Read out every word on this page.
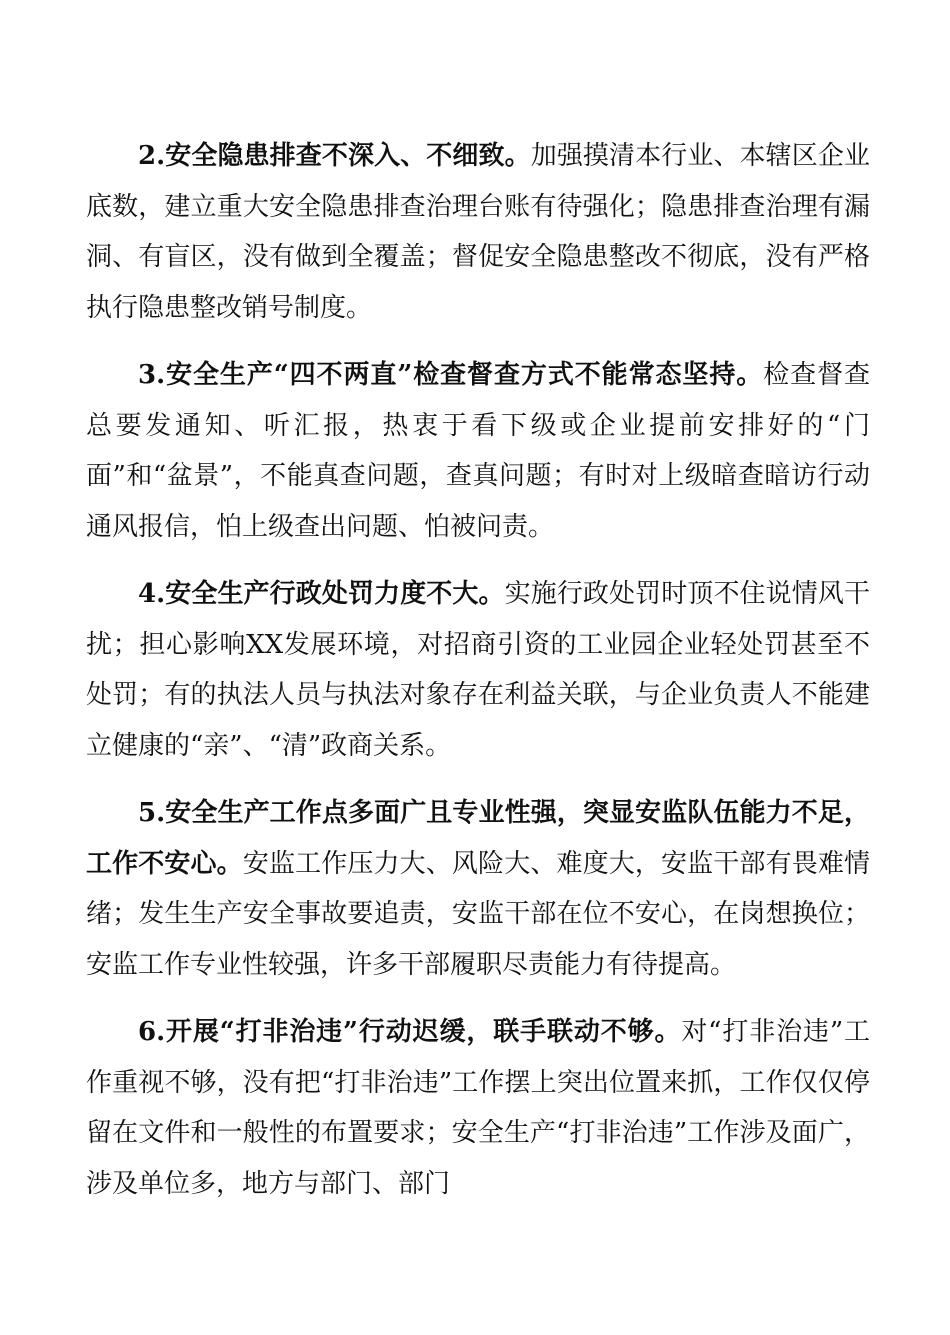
2.安全隐患排查不深入、不细致。加强摸清本行业、本辖区企业底数，建立重大安全隐患排查治理台账有待强化；隐患排查治理有漏洞、有盲区，没有做到全覆盖；督促安全隐患整改不彻底，没有严格执行隐患整改销号制度。

3.安全生产“四不两直”检查督查方式不能常态坚持。检查督查总要发通知、听汇报，热衷于看下级或企业提前安排好的“门面”和“盆景”，不能真查问题，查真问题；有时对上级暗查暗访行动通风报信，怕上级查出问题、怕被问责。

4.安全生产行政处罚力度不大。实施行政处罚时顶不住说情风干扰；担心影响XX发展环境，对招商引资的工业园企业轻处罚甚至不处罚；有的执法人员与执法对象存在利益关联，与企业负责人不能建立健康的“亲”、“清”政商关系。

5.安全生产工作点多面广且专业性强，突显安监队伍能力不足，工作不安心。安监工作压力大、风险大、难度大，安监干部有畏难情绪；发生生产安全事故要追责，安监干部在位不安心，在岗想换位；安监工作专业性较强，许多干部履职尽责能力有待提高。

6.开展“打非治违”行动迟缓，联手联动不够。对“打非治违”工作重视不够，没有把“打非治违”工作摆上突出位置来抓，工作仅仅停留在文件和一般性的布置要求；安全生产“打非治违”工作涉及面广，涉及单位多，地方与部门、部门
